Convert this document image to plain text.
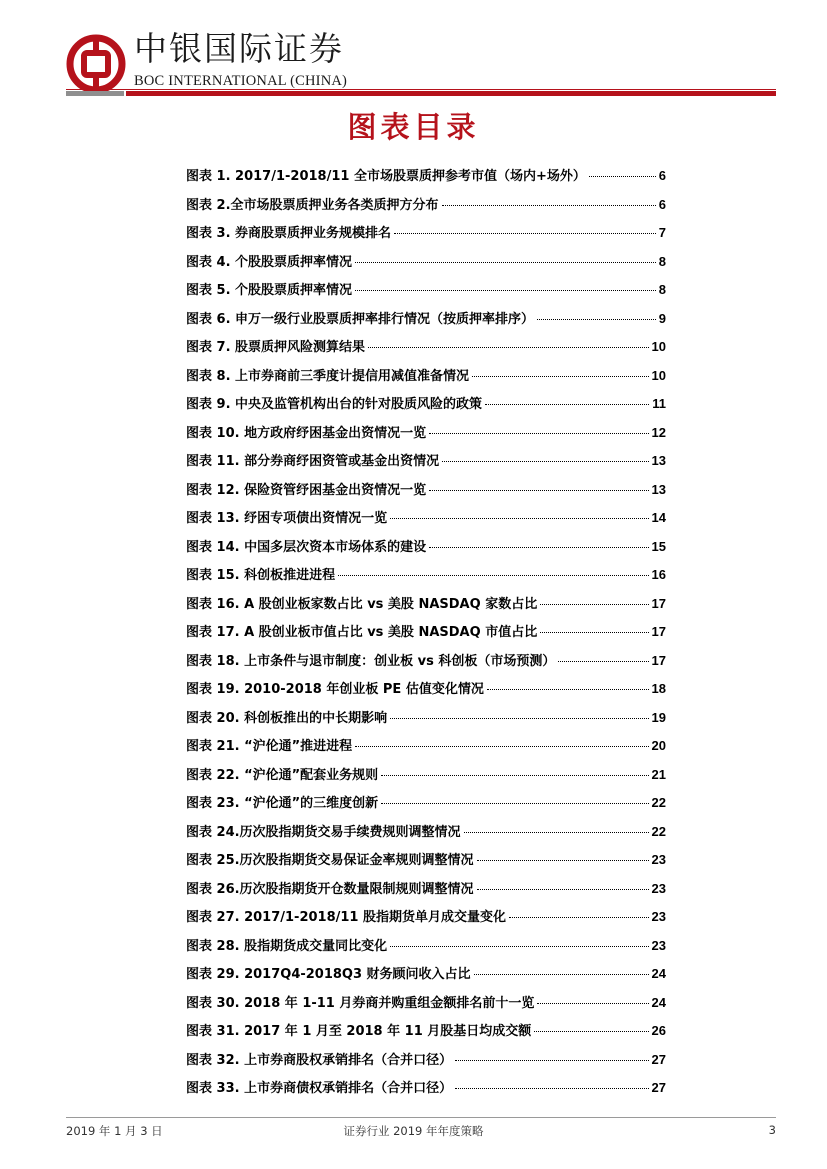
中银国际证券
BOC INTERNATIONAL (CHINA)
图表目录
图表 1. 2017/1-2018/11 全市场股票质押参考市值（场内+场外）	6
图表 2.全市场股票质押业务各类质押方分布	6
图表 3. 券商股票质押业务规模排名	7
图表 4. 个股股票质押率情况	8
图表 5. 个股股票质押率情况	8
图表 6. 申万一级行业股票质押率排行情况（按质押率排序）	9
图表 7. 股票质押风险测算结果	10
图表 8. 上市券商前三季度计提信用减值准备情况	10
图表 9. 中央及监管机构出台的针对股质风险的政策	11
图表 10. 地方政府纾困基金出资情况一览	12
图表 11. 部分券商纾困资管或基金出资情况	13
图表 12. 保险资管纾困基金出资情况一览	13
图表 13. 纾困专项债出资情况一览	14
图表 14. 中国多层次资本市场体系的建设	15
图表 15. 科创板推进进程	16
图表 16. A 股创业板家数占比 vs 美股 NASDAQ 家数占比	17
图表 17. A 股创业板市值占比 vs 美股 NASDAQ 市值占比	17
图表 18. 上市条件与退市制度：创业板 vs 科创板（市场预测）	17
图表 19. 2010-2018 年创业板 PE 估值变化情况	18
图表 20. 科创板推出的中长期影响	19
图表 21. “沪伦通”推进进程	20
图表 22. “沪伦通”配套业务规则	21
图表 23. “沪伦通”的三维度创新	22
图表 24.历次股指期货交易手续费规则调整情况	22
图表 25.历次股指期货交易保证金率规则调整情况	23
图表 26.历次股指期货开仓数量限制规则调整情况	23
图表 27. 2017/1-2018/11 股指期货单月成交量变化	23
图表 28. 股指期货成交量同比变化	23
图表 29. 2017Q4-2018Q3 财务顾问收入占比	24
图表 30. 2018 年 1-11 月券商并购重组金额排名前十一览	24
图表 31. 2017 年 1 月至 2018 年 11 月股基日均成交额	26
图表 32. 上市券商股权承销排名（合并口径）	27
图表 33. 上市券商债权承销排名（合并口径）	27
2019 年 1 月 3 日	证券行业 2019 年年度策略	3
